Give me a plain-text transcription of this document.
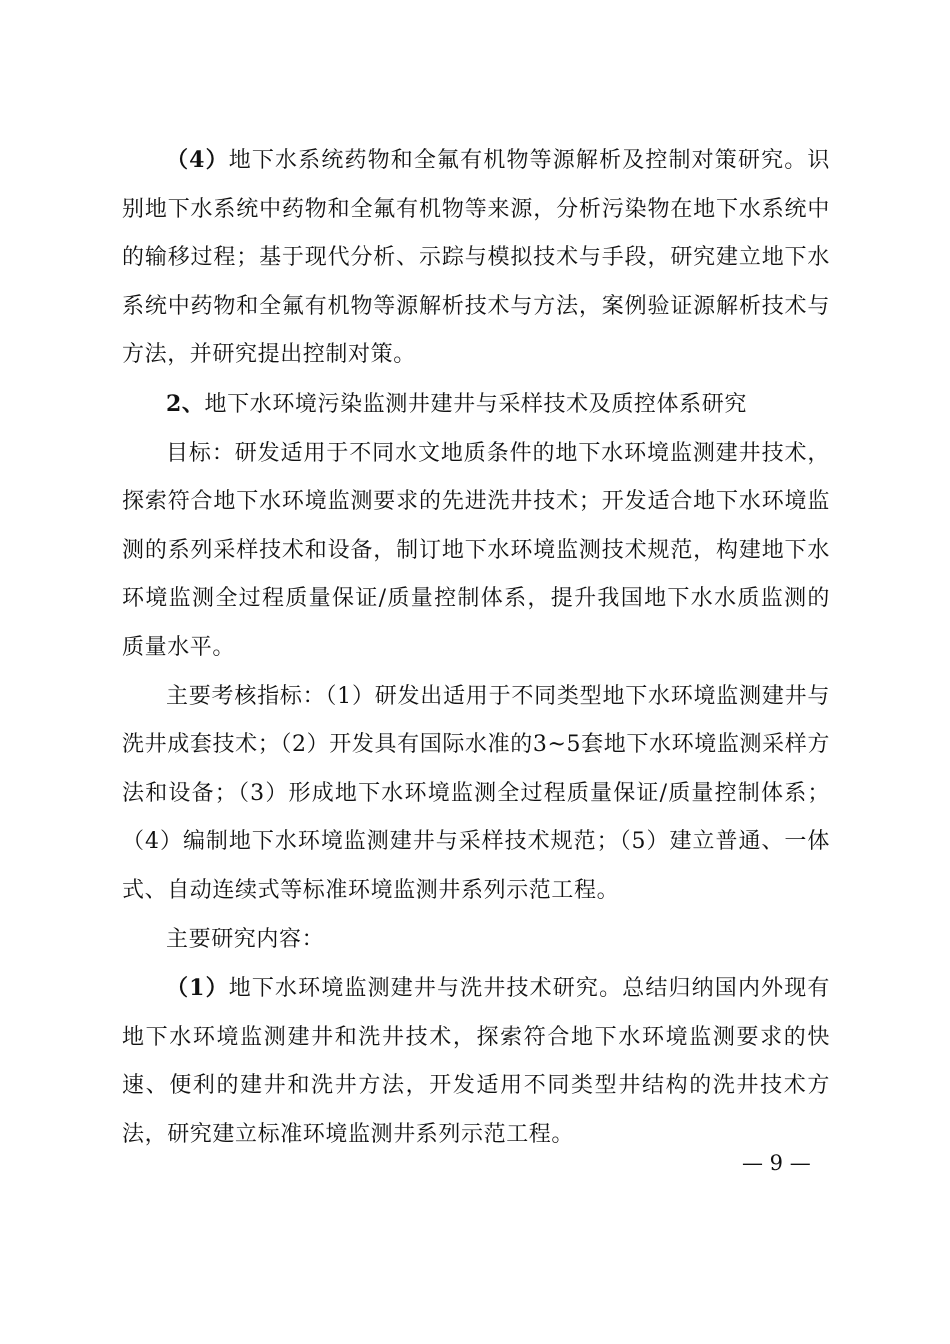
（4）地下水系统药物和全氟有机物等源解析及控制对策研究。识别地下水系统中药物和全氟有机物等来源，分析污染物在地下水系统中的输移过程；基于现代分析、示踪与模拟技术与手段，研究建立地下水系统中药物和全氟有机物等源解析技术与方法，案例验证源解析技术与方法，并研究提出控制对策。

2、地下水环境污染监测井建井与采样技术及质控体系研究

目标：研发适用于不同水文地质条件的地下水环境监测建井技术，探索符合地下水环境监测要求的先进洗井技术；开发适合地下水环境监测的系列采样技术和设备，制订地下水环境监测技术规范，构建地下水环境监测全过程质量保证/质量控制体系，提升我国地下水水质监测的质量水平。

主要考核指标：（1）研发出适用于不同类型地下水环境监测建井与洗井成套技术；（2）开发具有国际水准的3~5套地下水环境监测采样方法和设备；（3）形成地下水环境监测全过程质量保证/质量控制体系；（4）编制地下水环境监测建井与采样技术规范；（5）建立普通、一体式、自动连续式等标准环境监测井系列示范工程。

主要研究内容：

（1）地下水环境监测建井与洗井技术研究。总结归纳国内外现有地下水环境监测建井和洗井技术，探索符合地下水环境监测要求的快速、便利的建井和洗井方法，开发适用不同类型井结构的洗井技术方法，研究建立标准环境监测井系列示范工程。

— 9 —
